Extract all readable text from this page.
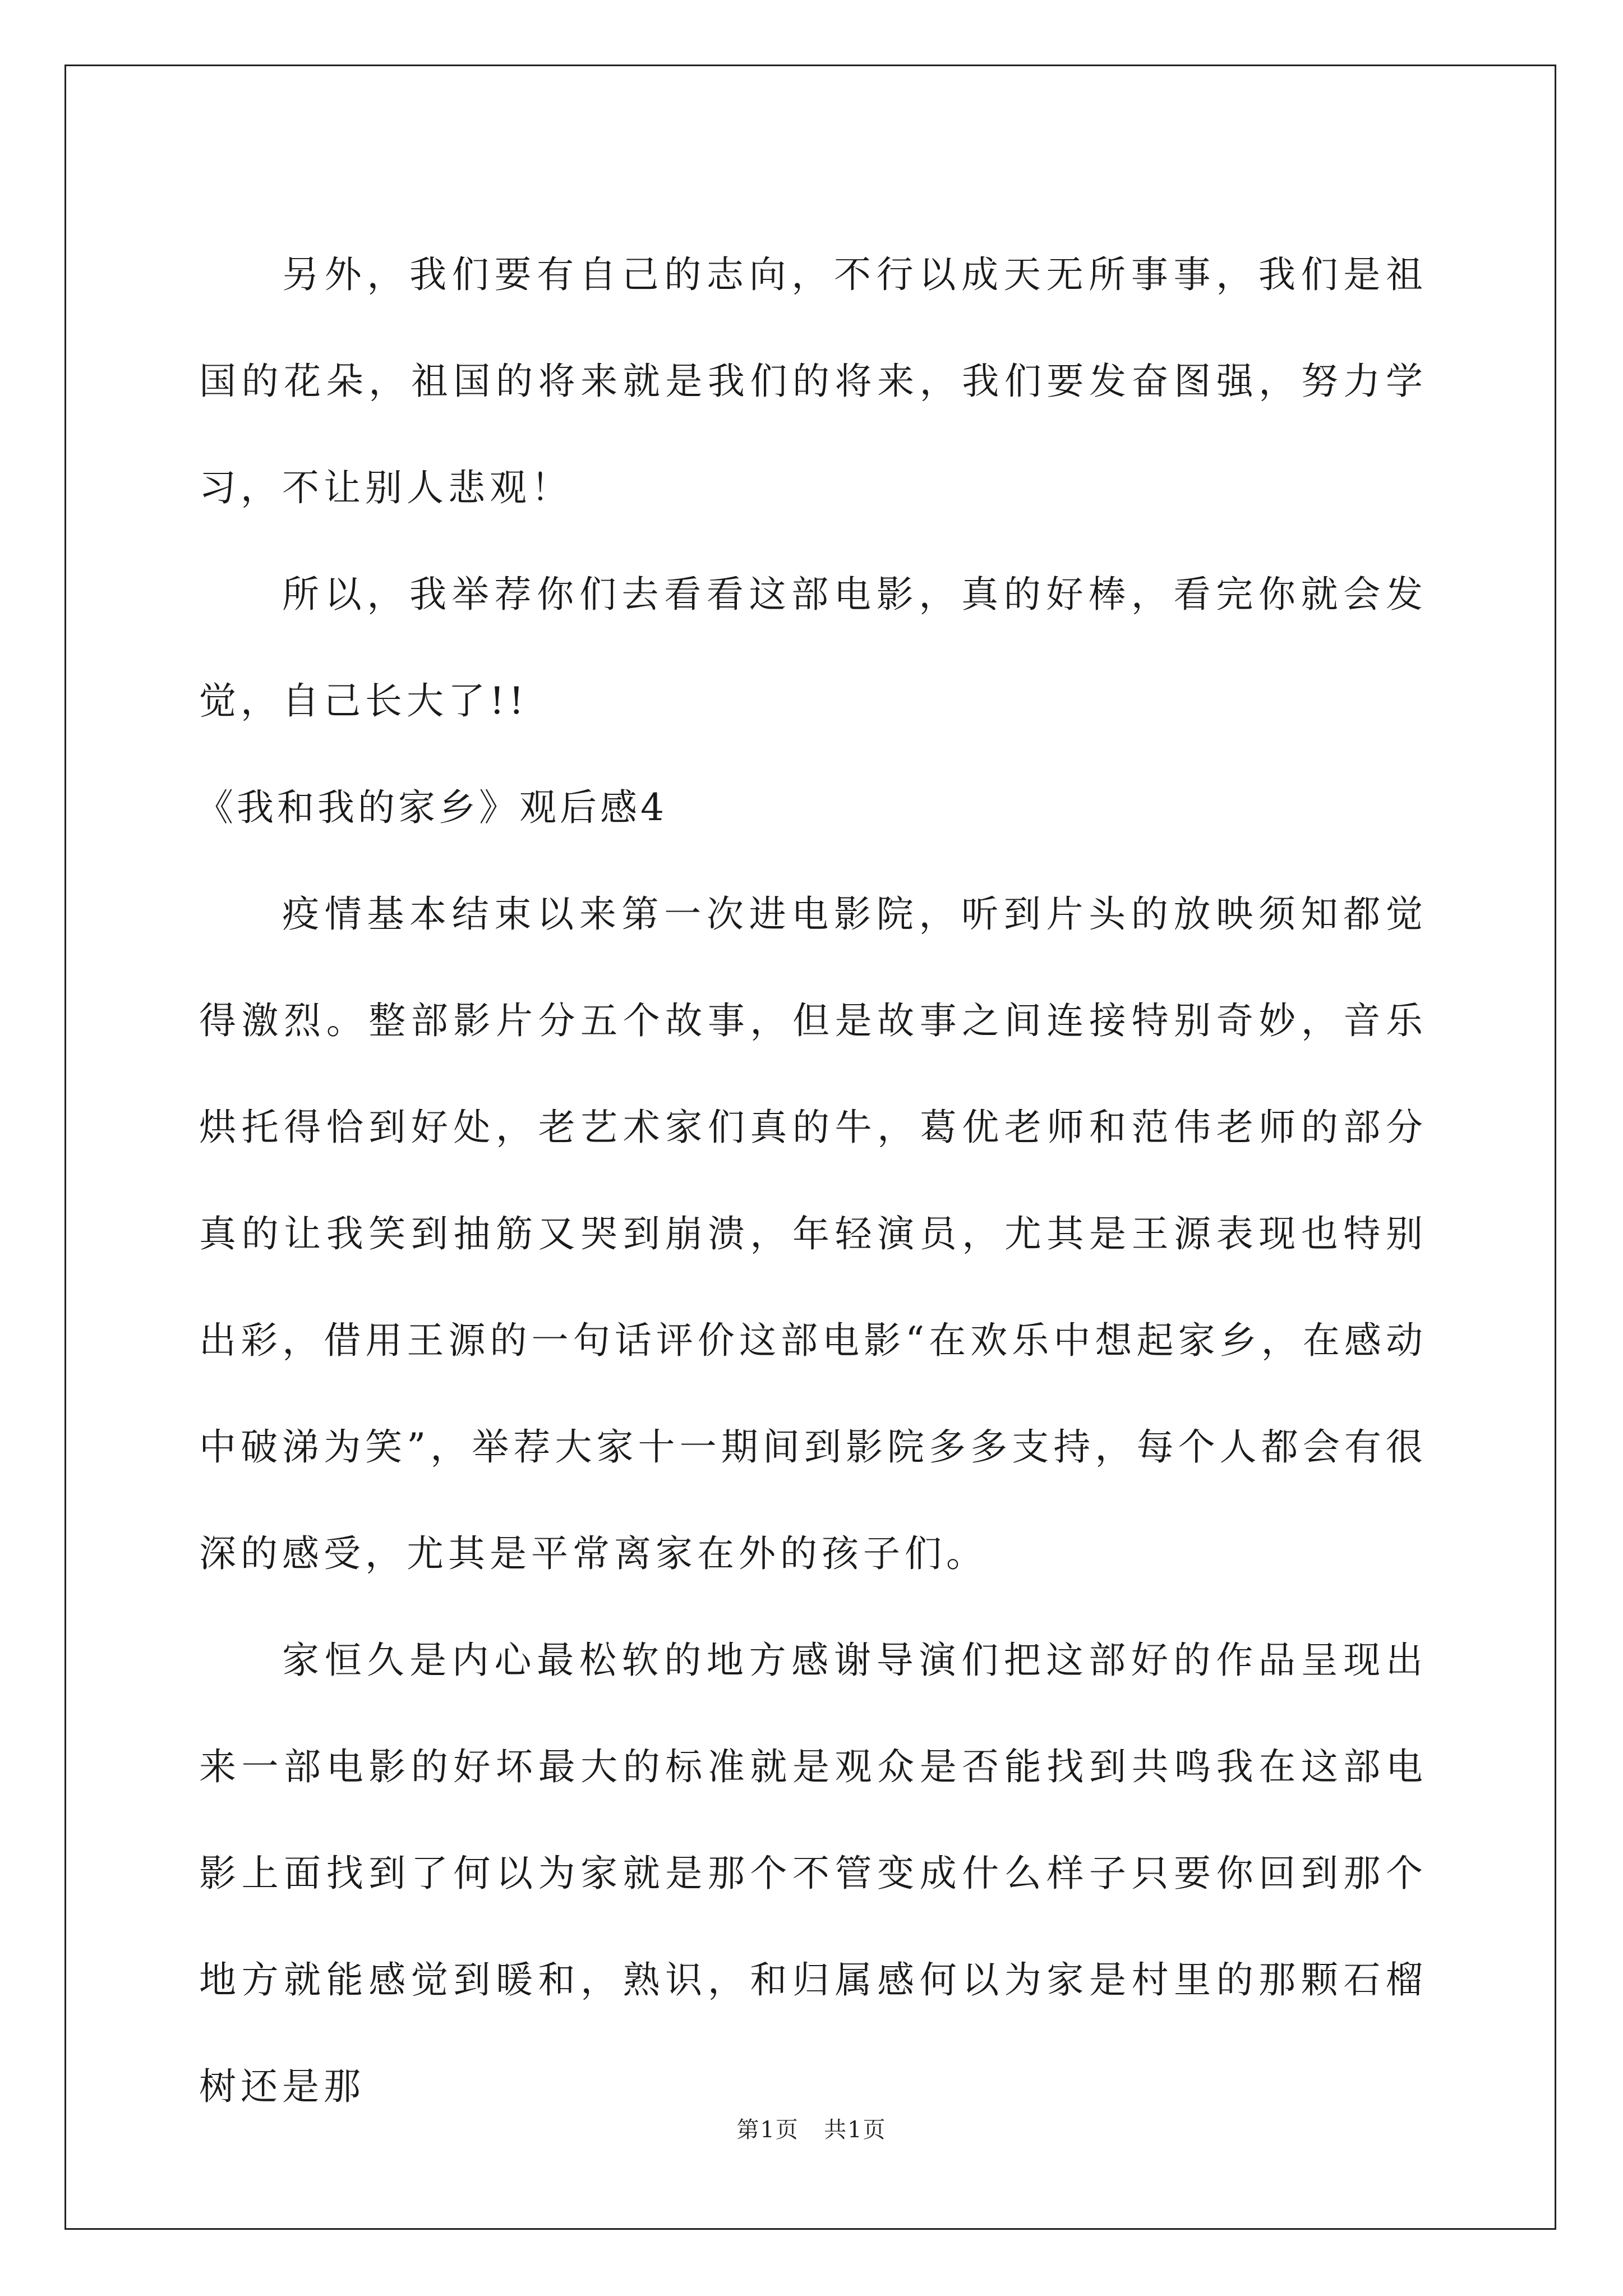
另外，我们要有自己的志向，不行以成天无所事事，我们是祖国的花朵，祖国的将来就是我们的将来，我们要发奋图强，努力学习，不让别人悲观！

所以，我举荐你们去看看这部电影，真的好棒，看完你就会发觉，自己长大了!!

《我和我的家乡》观后感4

疫情基本结束以来第一次进电影院，听到片头的放映须知都觉得激烈。整部影片分五个故事，但是故事之间连接特别奇妙，音乐烘托得恰到好处，老艺术家们真的牛，葛优老师和范伟老师的部分真的让我笑到抽筋又哭到崩溃，年轻演员，尤其是王源表现也特别出彩，借用王源的一句话评价这部电影“在欢乐中想起家乡，在感动中破涕为笑”，举荐大家十一期间到影院多多支持，每个人都会有很深的感受，尤其是平常离家在外的孩子们。

家恒久是内心最松软的地方感谢导演们把这部好的作品呈现出来一部电影的好坏最大的标准就是观众是否能找到共鸣我在这部电影上面找到了何以为家就是那个不管变成什么样子只要你回到那个地方就能感觉到暖和，熟识，和归属感何以为家是村里的那颗石榴树还是那

第1页 共1页
